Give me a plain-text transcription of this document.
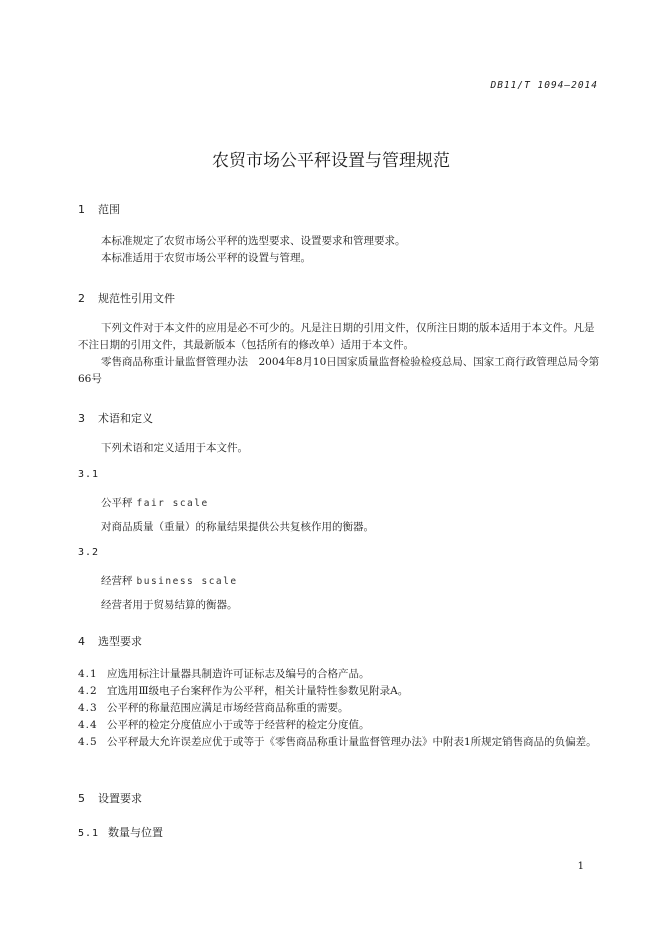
DB11/T 1094—2014
农贸市场公平秤设置与管理规范
1 范围

本标准规定了农贸市场公平秤的选型要求、设置要求和管理要求。

本标准适用于农贸市场公平秤的设置与管理。

2 规范性引用文件

下列文件对于本文件的应用是必不可少的。凡是注日期的引用文件，仅所注日期的版本适用于本文件。凡是不注日期的引用文件，其最新版本（包括所有的修改单）适用于本文件。

零售商品称重计量监督管理办法　2004年8月10日国家质量监督检验检疫总局、国家工商行政管理总局令第66号

3 术语和定义

下列术语和定义适用于本文件。

3.1
公平秤 fair scale

对商品质量（重量）的称量结果提供公共复核作用的衡器。

3.2
经营秤 business scale

经营者用于贸易结算的衡器。

4 选型要求

4.1 应选用标注计量器具制造许可证标志及编号的合格产品。

4.2 宜选用Ⅲ级电子台案秤作为公平秤，相关计量特性参数见附录A。

4.3 公平秤的称量范围应满足市场经营商品称重的需要。

4.4 公平秤的检定分度值应小于或等于经营秤的检定分度值。

4.5 公平秤最大允许误差应优于或等于《零售商品称重计量监督管理办法》中附表1所规定销售商品的负偏差。

5 设置要求
5.1 数量与位置
1
